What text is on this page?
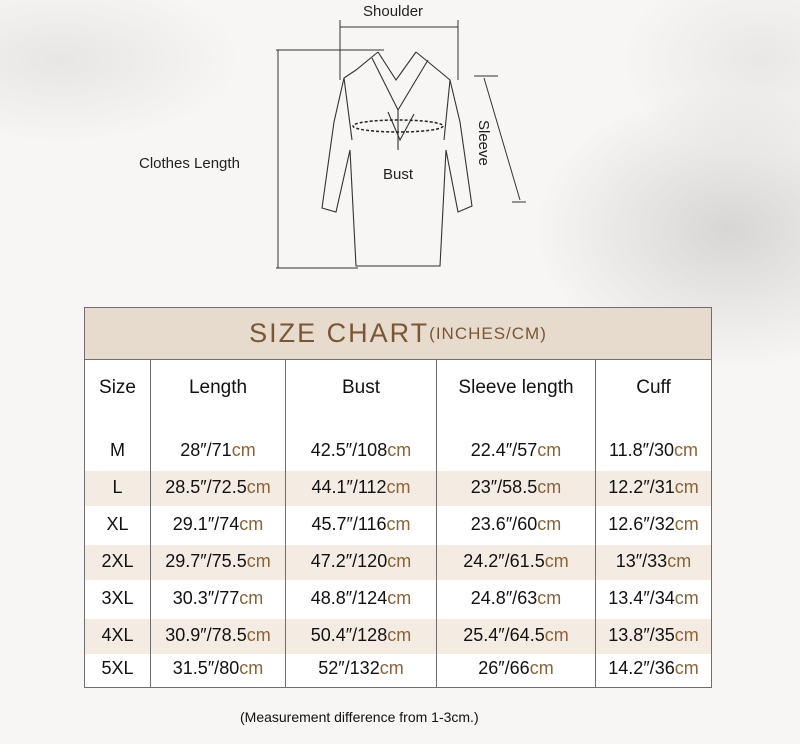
Shoulder
Clothes Length
Bust
Sleeve
SIZE CHART (INCHES/CM)
Size
M
L
XL
2XL
3XL
4XL
5XL
Length
28″/71 cm
28.5″/72.5 cm
29.1″/74 cm
29.7″/75.5 cm
30.3″/77 cm
30.9″/78.5 cm
31.5″/80 cm
Bust
42.5″/108 cm
44.1″/112 cm
45.7″/116 cm
47.2″/120 cm
48.8″/124 cm
50.4″/128 cm
52″/132 cm
Sleeve length
22.4″/57 cm
23″/58.5 cm
23.6″/60 cm
24.2″/61.5 cm
24.8″/63 cm
25.4″/64.5 cm
26″/66 cm
Cuff
11.8″/30 cm
12.2″/31 cm
12.6″/32 cm
13″/33 cm
13.4″/34 cm
13.8″/35 cm
14.2″/36 cm
(Measurement difference from 1-3cm.)
